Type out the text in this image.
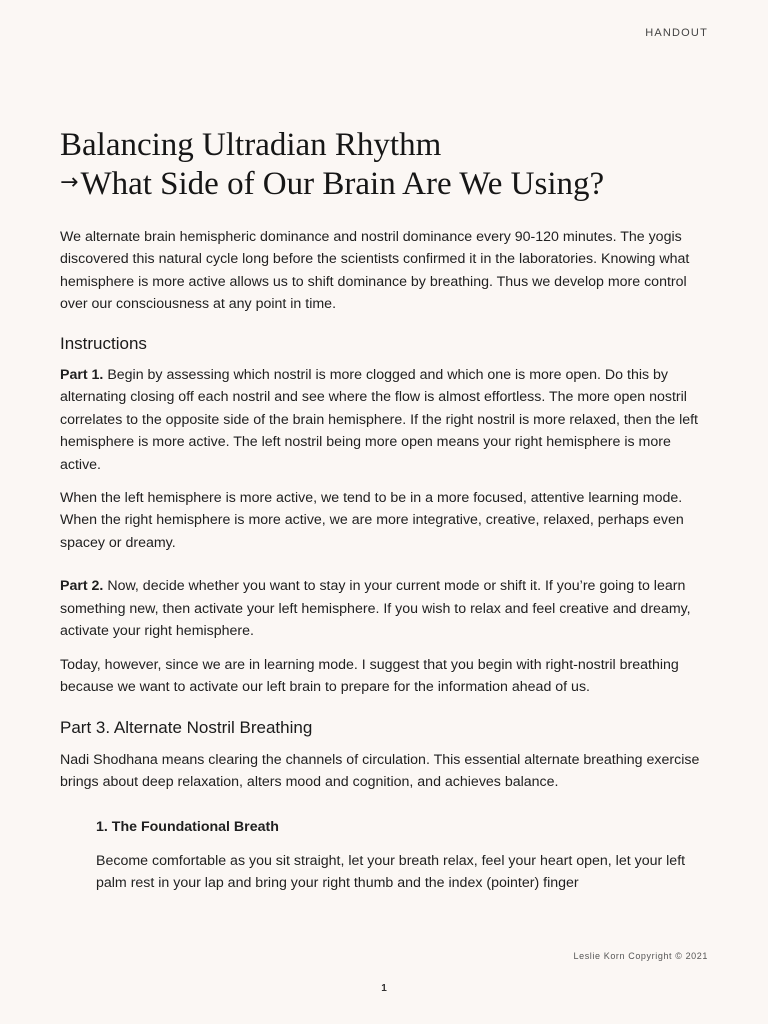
HANDOUT
Balancing Ultradian Rhythm
→What Side of Our Brain Are We Using?

We alternate brain hemispheric dominance and nostril dominance every 90-120 minutes. The yogis discovered this natural cycle long before the scientists confirmed it in the laboratories. Knowing what hemisphere is more active allows us to shift dominance by breathing. Thus we develop more control over our consciousness at any point in time.

Instructions

Part 1. Begin by assessing which nostril is more clogged and which one is more open. Do this by alternating closing off each nostril and see where the flow is almost effortless. The more open nostril correlates to the opposite side of the brain hemisphere. If the right nostril is more relaxed, then the left hemisphere is more active. The left nostril being more open means your right hemisphere is more active.

When the left hemisphere is more active, we tend to be in a more focused, attentive learning mode. When the right hemisphere is more active, we are more integrative, creative, relaxed, perhaps even spacey or dreamy.

Part 2. Now, decide whether you want to stay in your current mode or shift it. If you’re going to learn something new, then activate your left hemisphere. If you wish to relax and feel creative and dreamy, activate your right hemisphere.

Today, however, since we are in learning mode. I suggest that you begin with right-nostril breathing because we want to activate our left brain to prepare for the information ahead of us.

Part 3. Alternate Nostril Breathing

Nadi Shodhana means clearing the channels of circulation. This essential alternate breathing exercise brings about deep relaxation, alters mood and cognition, and achieves balance.

1. The Foundational Breath

Become comfortable as you sit straight, let your breath relax, feel your heart open, let your left palm rest in your lap and bring your right thumb and the index (pointer) finger

Leslie Korn Copyright © 2021
1
